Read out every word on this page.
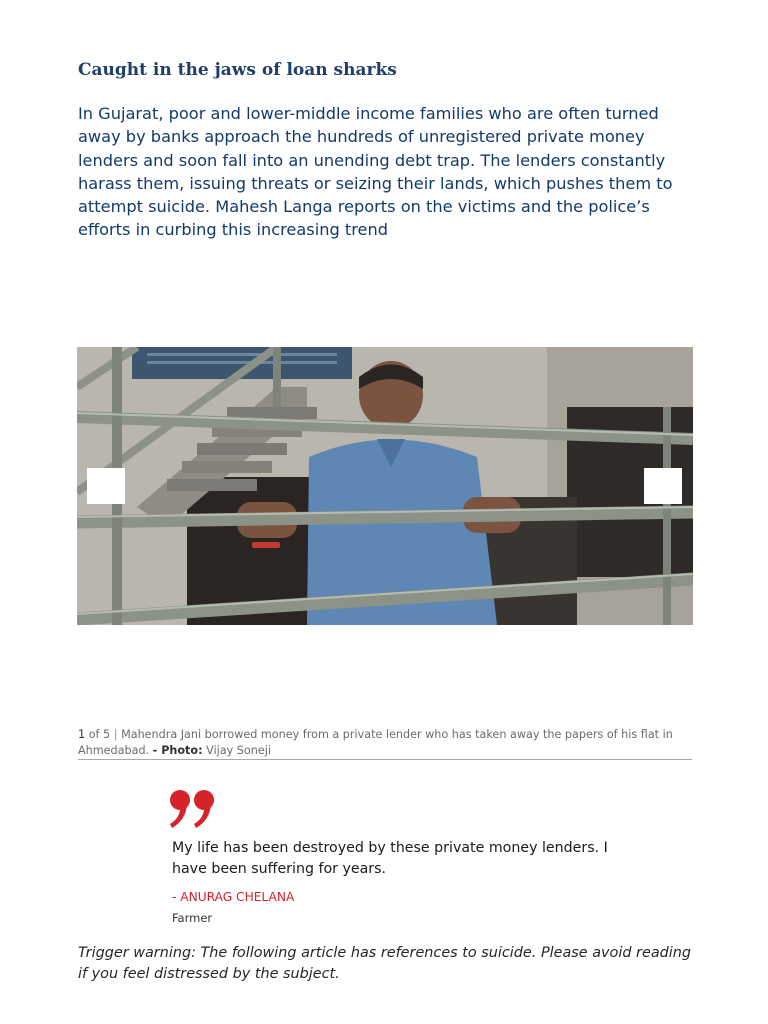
Caught in the jaws of loan sharks

In Gujarat, poor and lower-middle income families who are often turned away by banks approach the hundreds of unregistered private money lenders and soon fall into an unending debt trap. The lenders constantly harass them, issuing threats or seizing their lands, which pushes them to attempt suicide. Mahesh Langa reports on the victims and the police’s efforts in curbing this increasing trend

1 of 5 | Mahendra Jani borrowed money from a private lender who has taken away the papers of his flat in Ahmedabad. - Photo: Vijay Soneji

My life has been destroyed by these private money lenders. I have been suffering for years.

- ANURAG CHELANA

Farmer

Trigger warning: The following article has references to suicide. Please avoid reading if you feel distressed by the subject.
